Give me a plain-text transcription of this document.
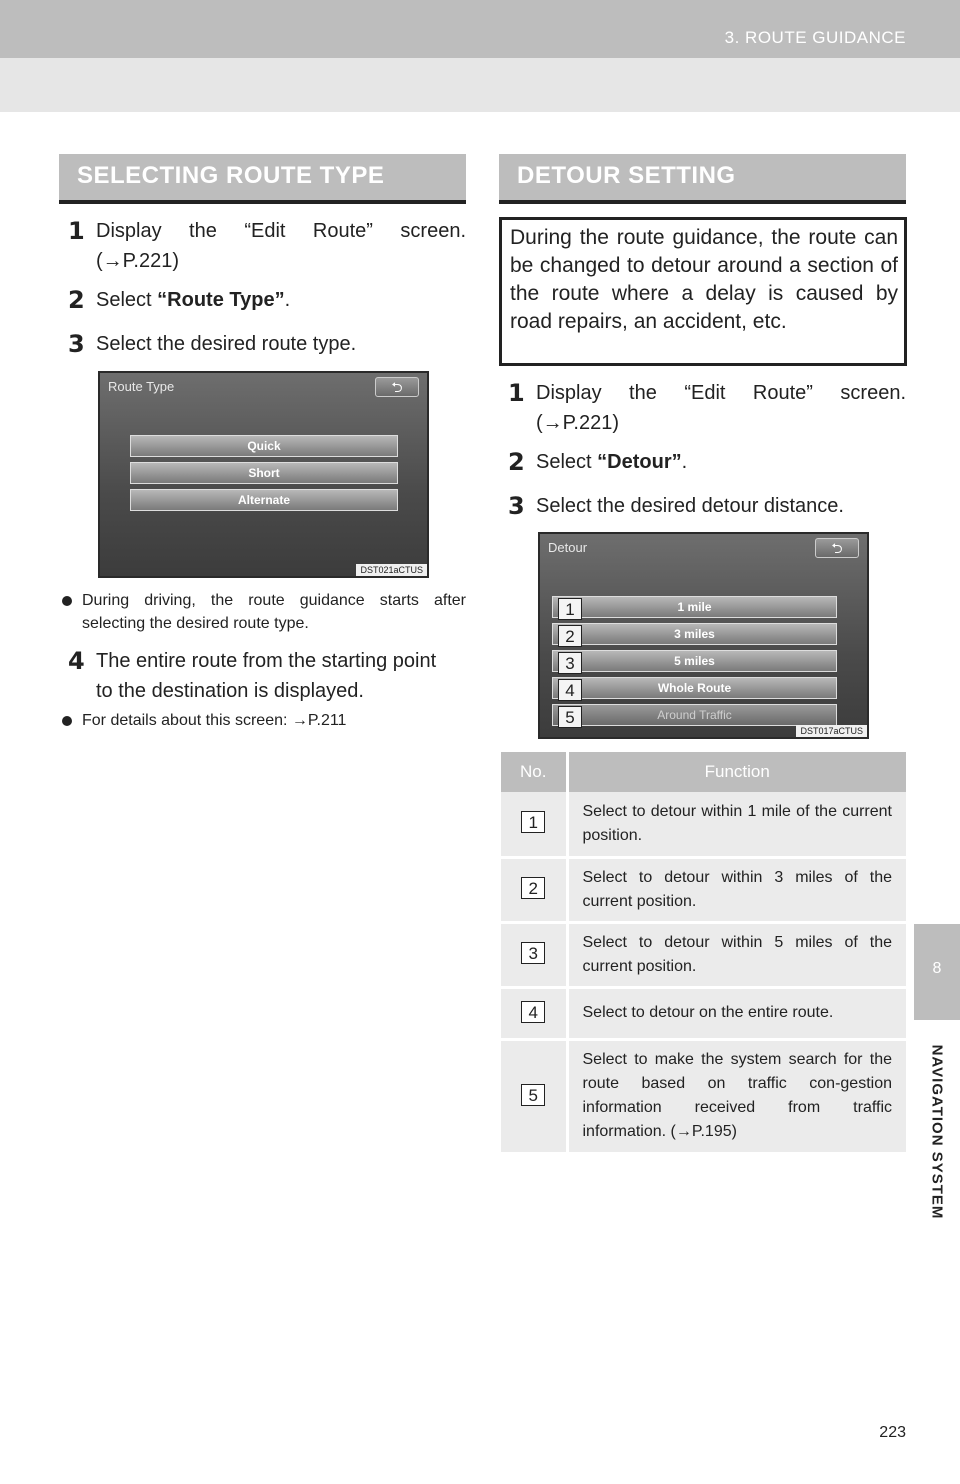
3. ROUTE GUIDANCE
SELECTING ROUTE TYPE
1 Display the “Edit Route” screen.
(→P.221)
2 Select “Route Type”.
3 Select the desired route type.
Route Type	⮌
Quick
Short
Alternate
DST021aCTUS
During driving, the route guidance starts after selecting the desired route type.
4 The entire route from the starting point
to the destination is displayed.
For details about this screen: →P.211
DETOUR SETTING
During the route guidance, the route can be changed to detour around a section of the route where a delay is caused by road repairs, an accident, etc.
1 Display the “Edit Route” screen.
(→P.221)
2 Select “Detour”.
3 Select the desired detour distance.
Detour	⮌
1 mile
3 miles
5 miles
Whole Route
Around Traffic
1
2
3
4
5
DST017aCTUS
No.	Function
1	Select to detour within 1 mile of the current position.
2	Select to detour within 3 miles of the current position.
3	Select to detour within 5 miles of the current position.
4	Select to detour on the entire route.
5	Select to make the system search for the route based on traffic con-gestion information received from traffic information. (→P.195)
8
NAVIGATION SYSTEM
223
